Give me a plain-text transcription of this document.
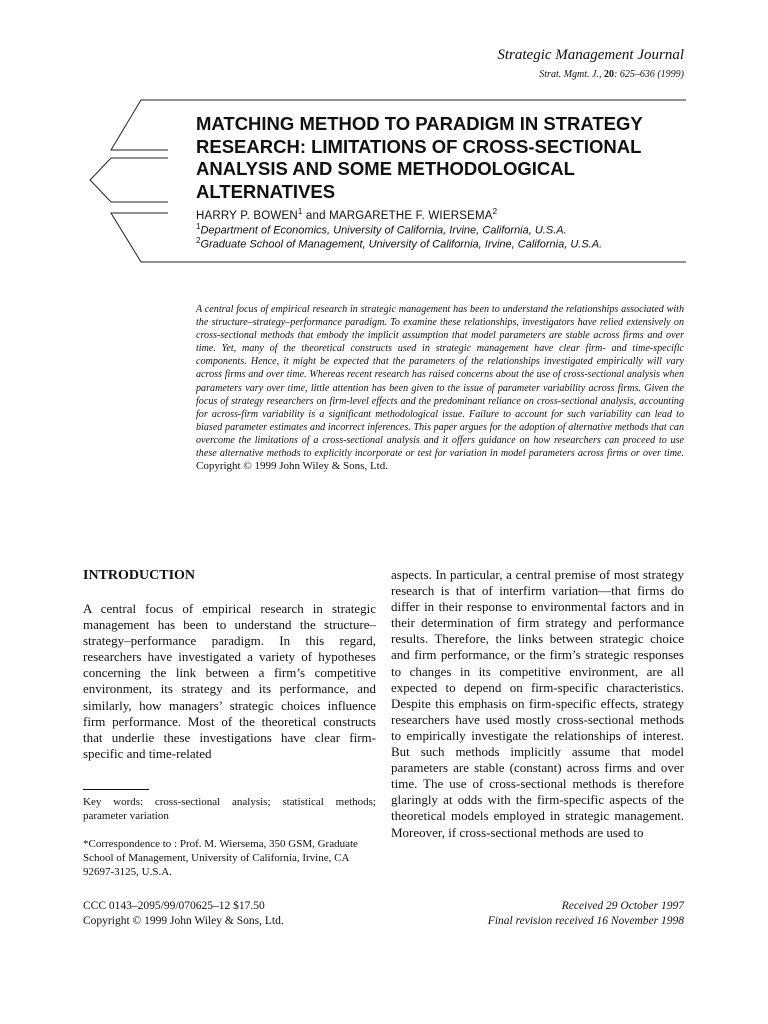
Strategic Management Journal
Strat. Mgmt. J., 20: 625–636 (1999)
MATCHING METHOD TO PARADIGM IN STRATEGY RESEARCH: LIMITATIONS OF CROSS-SECTIONAL ANALYSIS AND SOME METHODOLOGICAL ALTERNATIVES
HARRY P. BOWEN$^1$ and MARGARETHE F. WIERSEMA$^2$
$^1$Department of Economics, University of California, Irvine, California, U.S.A.
$^2$Graduate School of Management, University of California, Irvine, California, U.S.A.
A central focus of empirical research in strategic management has been to understand the relationships associated with the structure–strategy–performance paradigm. To examine these relationships, investigators have relied extensively on cross-sectional methods that embody the implicit assumption that model parameters are stable across firms and over time. Yet, many of the theoretical constructs used in strategic management have clear firm- and time-specific components. Hence, it might be expected that the parameters of the relationships investigated empirically will vary across firms and over time. Whereas recent research has raised concerns about the use of cross-sectional analysis when parameters vary over time, little attention has been given to the issue of parameter variability across firms. Given the focus of strategy researchers on firm-level effects and the predominant reliance on cross-sectional analysis, accounting for across-firm variability is a significant methodological issue. Failure to account for such variability can lead to biased parameter estimates and incorrect inferences. This paper argues for the adoption of alternative methods that can overcome the limitations of a cross-sectional analysis and it offers guidance on how researchers can proceed to use these alternative methods to explicitly incorporate or test for variation in model parameters across firms or over time. Copyright © 1999 John Wiley & Sons, Ltd.
INTRODUCTION

A central focus of empirical research in strategic management has been to understand the structure–strategy–performance paradigm. In this regard, researchers have investigated a variety of hypotheses concerning the link between a firm’s competitive environment, its strategy and its performance, and similarly, how managers’ strategic choices influence firm performance. Most of the theoretical constructs that underlie these investigations have clear firm-specific and time-related

aspects. In particular, a central premise of most strategy research is that of interfirm variation—that firms do differ in their response to environmental factors and in their determination of firm strategy and performance results. Therefore, the links between strategic choice and firm performance, or the firm’s strategic responses to changes in its competitive environment, are all expected to depend on firm-specific characteristics. Despite this emphasis on firm-specific effects, strategy researchers have used mostly cross-sectional methods to empirically investigate the relationships of interest. But such methods implicitly assume that model parameters are stable (constant) across firms and over time. The use of cross-sectional methods is therefore glaringly at odds with the firm-specific aspects of the theoretical models employed in strategic management. Moreover, if cross-sectional methods are used to

Key words: cross-sectional analysis; statistical methods; parameter variation
*Correspondence to : Prof. M. Wiersema, 350 GSM, Graduate School of Management, University of California, Irvine, CA 92697-3125, U.S.A.
CCC 0143–2095/99/070625–12 $17.50
Copyright © 1999 John Wiley & Sons, Ltd.
Received 29 October 1997
Final revision received 16 November 1998
